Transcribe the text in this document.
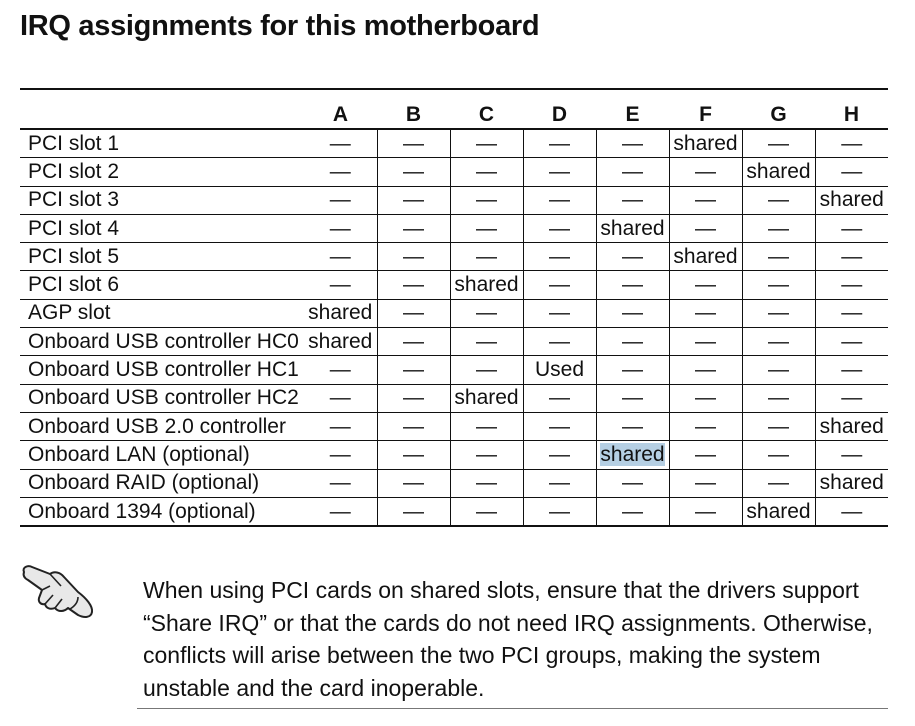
IRQ assignments for this motherboard
	A	B	C	D	E	F	G	H
PCI slot 1	—	—	—	—	—	shared	—	—
PCI slot 2	—	—	—	—	—	—	shared	—
PCI slot 3	—	—	—	—	—	—	—	shared
PCI slot 4	—	—	—	—	shared	—	—	—
PCI slot 5	—	—	—	—	—	shared	—	—
PCI slot 6	—	—	shared	—	—	—	—	—
AGP slot	shared	—	—	—	—	—	—	—
Onboard USB controller HC0	shared	—	—	—	—	—	—	—
Onboard USB controller HC1	—	—	—	Used	—	—	—	—
Onboard USB controller HC2	—	—	shared	—	—	—	—	—
Onboard USB 2.0 controller	—	—	—	—	—	—	—	shared
Onboard LAN (optional)	—	—	—	—	shared	—	—	—
Onboard RAID (optional)	—	—	—	—	—	—	—	shared
Onboard 1394 (optional)	—	—	—	—	—	—	shared	—

When using PCI cards on shared slots, ensure that the drivers support “Share IRQ” or that the cards do not need IRQ assignments. Otherwise, conflicts will arise between the two PCI groups, making the system unstable and the card inoperable.
